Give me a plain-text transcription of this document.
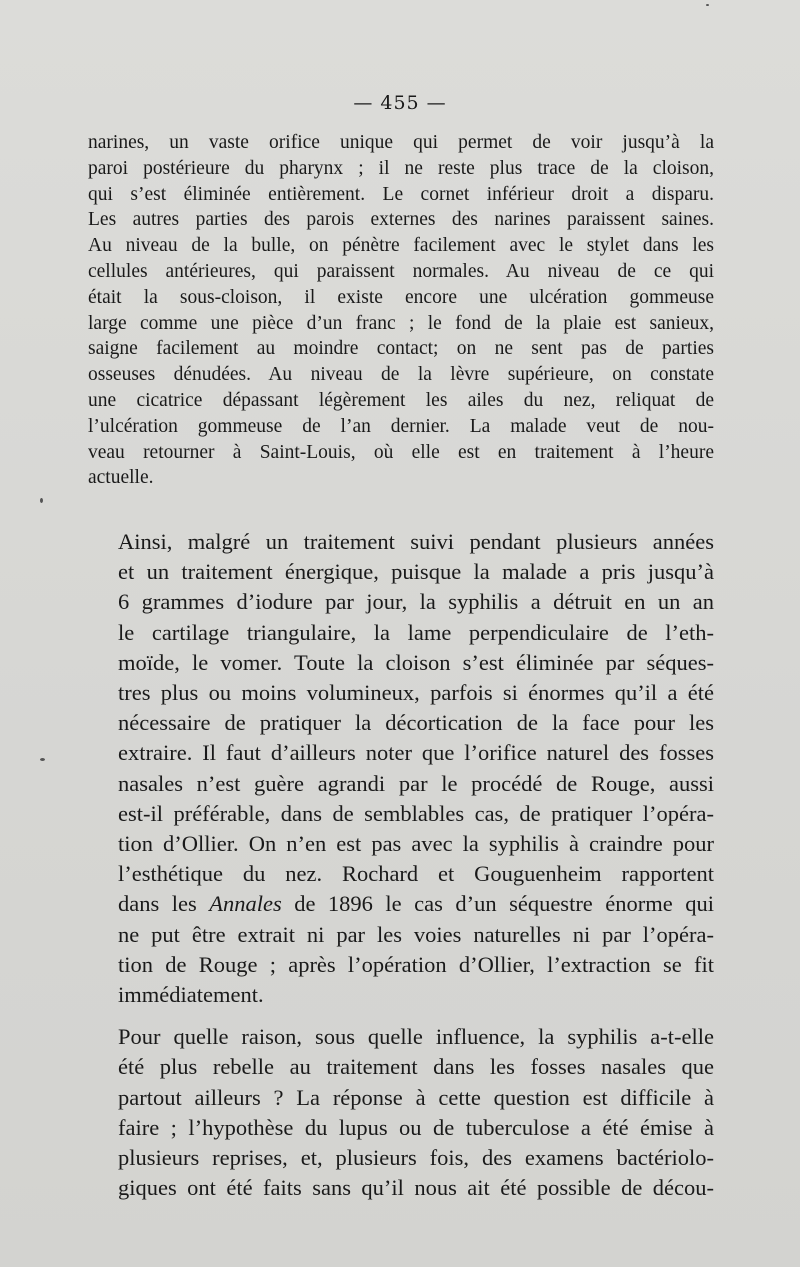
— 455 —

narines, un vaste orifice unique qui permet de voir jusqu’à la
paroi postérieure du pharynx ; il ne reste plus trace de la cloison,
qui s’est éliminée entièrement. Le cornet inférieur droit a disparu.
Les autres parties des parois externes des narines paraissent saines.
Au niveau de la bulle, on pénètre facilement avec le stylet dans les
cellules antérieures, qui paraissent normales. Au niveau de ce qui
était la sous-cloison, il existe encore une ulcération gommeuse
large comme une pièce d’un franc ; le fond de la plaie est sanieux,
saigne facilement au moindre contact; on ne sent pas de parties
osseuses dénudées. Au niveau de la lèvre supérieure, on constate
une cicatrice dépassant légèrement les ailes du nez, reliquat de
l’ulcération gommeuse de l’an dernier. La malade veut de nou-
veau retourner à Saint-Louis, où elle est en traitement à l’heure
actuelle.

Ainsi, malgré un traitement suivi pendant plusieurs années
et un traitement énergique, puisque la malade a pris jusqu’à
6 grammes d’iodure par jour, la syphilis a détruit en un an
le cartilage triangulaire, la lame perpendiculaire de l’eth-
moïde, le vomer. Toute la cloison s’est éliminée par séques-
tres plus ou moins volumineux, parfois si énormes qu’il a été
nécessaire de pratiquer la décortication de la face pour les
extraire. Il faut d’ailleurs noter que l’orifice naturel des fosses
nasales n’est guère agrandi par le procédé de Rouge, aussi
est-il préférable, dans de semblables cas, de pratiquer l’opéra-
tion d’Ollier. On n’en est pas avec la syphilis à craindre pour
l’esthétique du nez. Rochard et Gouguenheim rapportent
dans les Annales de 1896 le cas d’un séquestre énorme qui
ne put être extrait ni par les voies naturelles ni par l’opéra-
tion de Rouge ; après l’opération d’Ollier, l’extraction se fit
immédiatement.

Pour quelle raison, sous quelle influence, la syphilis a-t-elle
été plus rebelle au traitement dans les fosses nasales que
partout ailleurs ? La réponse à cette question est difficile à
faire ; l’hypothèse du lupus ou de tuberculose a été émise à
plusieurs reprises, et, plusieurs fois, des examens bactériolo-
giques ont été faits sans qu’il nous ait été possible de décou-
